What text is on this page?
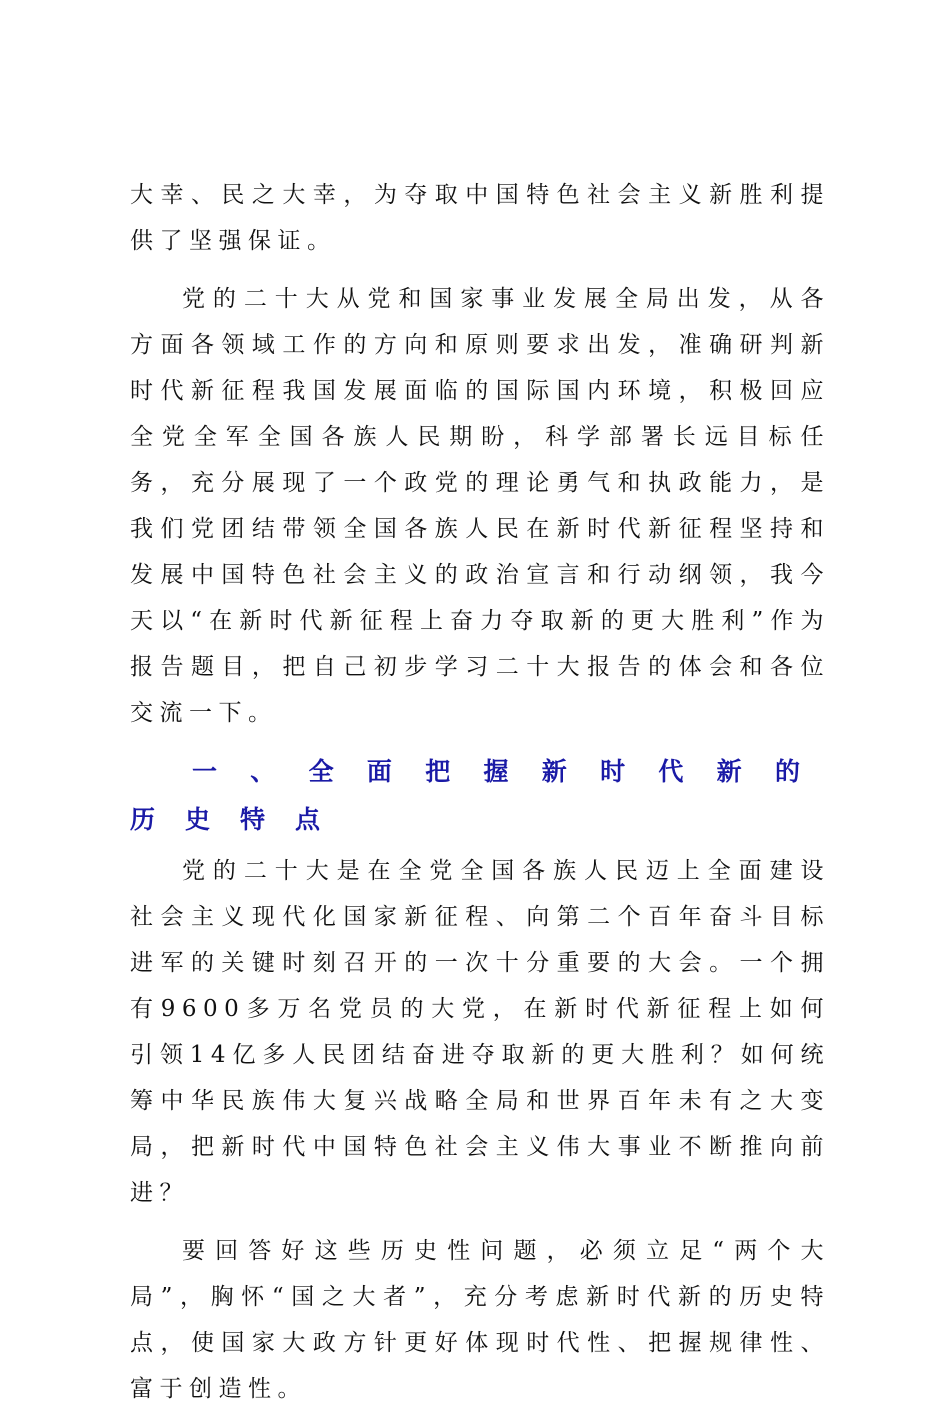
大幸、民之大幸，为夺取中国特色社会主义新胜利提供了坚强保证。

党的二十大从党和国家事业发展全局出发，从各方面各领域工作的方向和原则要求出发，准确研判新时代新征程我国发展面临的国际国内环境，积极回应全党全军全国各族人民期盼，科学部署长远目标任务，充分展现了一个政党的理论勇气和执政能力，是我们党团结带领全国各族人民在新时代新征程坚持和发展中国特色社会主义的政治宣言和行动纲领，我今天以“在新时代新征程上奋力夺取新的更大胜利”作为报告题目，把自己初步学习二十大报告的体会和各位交流一下。

一、全面把握新时代新的历史特点

党的二十大是在全党全国各族人民迈上全面建设社会主义现代化国家新征程、向第二个百年奋斗目标进军的关键时刻召开的一次十分重要的大会。一个拥有9600多万名党员的大党，在新时代新征程上如何引领14亿多人民团结奋进夺取新的更大胜利？如何统筹中华民族伟大复兴战略全局和世界百年未有之大变局，把新时代中国特色社会主义伟大事业不断推向前进？

要回答好这些历史性问题，必须立足“两个大局”，胸怀“国之大者”，充分考虑新时代新的历史特点，使国家大政方针更好体现时代性、把握规律性、富于创造性。
